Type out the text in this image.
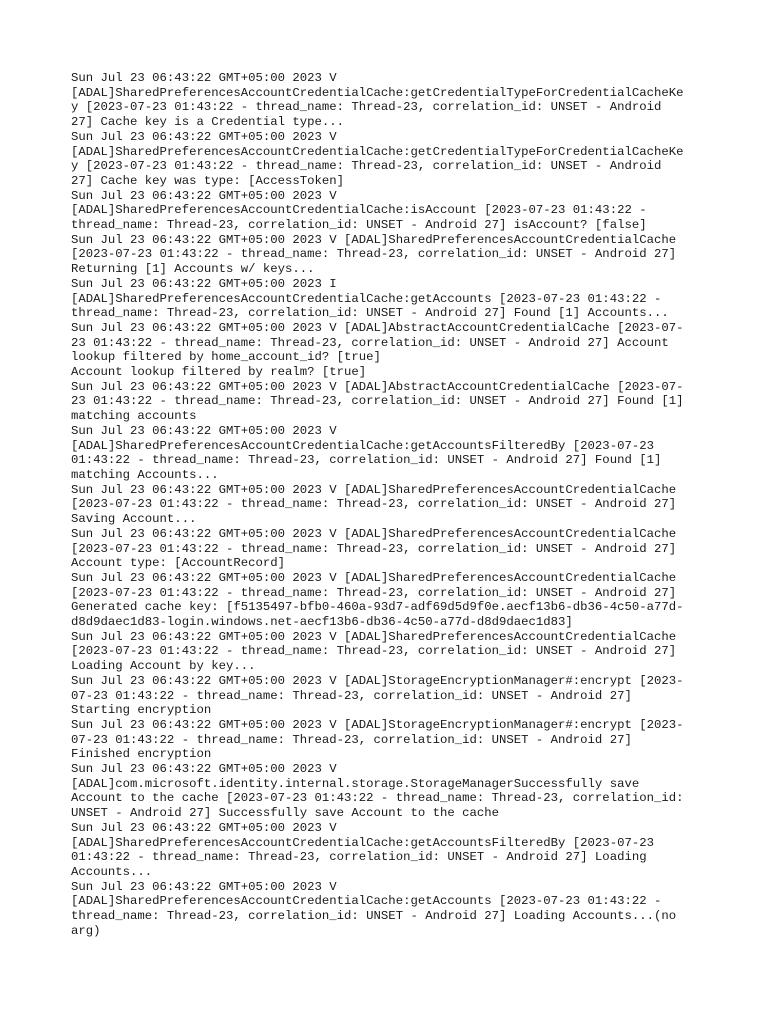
Sun Jul 23 06:43:22 GMT+05:00 2023 V
[ADAL]SharedPreferencesAccountCredentialCache:getCredentialTypeForCredentialCacheKe
y [2023-07-23 01:43:22 - thread_name: Thread-23, correlation_id: UNSET - Android
27] Cache key is a Credential type...
Sun Jul 23 06:43:22 GMT+05:00 2023 V
[ADAL]SharedPreferencesAccountCredentialCache:getCredentialTypeForCredentialCacheKe
y [2023-07-23 01:43:22 - thread_name: Thread-23, correlation_id: UNSET - Android
27] Cache key was type: [AccessToken]
Sun Jul 23 06:43:22 GMT+05:00 2023 V
[ADAL]SharedPreferencesAccountCredentialCache:isAccount [2023-07-23 01:43:22 -
thread_name: Thread-23, correlation_id: UNSET - Android 27] isAccount? [false]
Sun Jul 23 06:43:22 GMT+05:00 2023 V [ADAL]SharedPreferencesAccountCredentialCache
[2023-07-23 01:43:22 - thread_name: Thread-23, correlation_id: UNSET - Android 27]
Returning [1] Accounts w/ keys...
Sun Jul 23 06:43:22 GMT+05:00 2023 I
[ADAL]SharedPreferencesAccountCredentialCache:getAccounts [2023-07-23 01:43:22 -
thread_name: Thread-23, correlation_id: UNSET - Android 27] Found [1] Accounts...
Sun Jul 23 06:43:22 GMT+05:00 2023 V [ADAL]AbstractAccountCredentialCache [2023-07-
23 01:43:22 - thread_name: Thread-23, correlation_id: UNSET - Android 27] Account
lookup filtered by home_account_id? [true]
Account lookup filtered by realm? [true]
Sun Jul 23 06:43:22 GMT+05:00 2023 V [ADAL]AbstractAccountCredentialCache [2023-07-
23 01:43:22 - thread_name: Thread-23, correlation_id: UNSET - Android 27] Found [1]
matching accounts
Sun Jul 23 06:43:22 GMT+05:00 2023 V
[ADAL]SharedPreferencesAccountCredentialCache:getAccountsFilteredBy [2023-07-23
01:43:22 - thread_name: Thread-23, correlation_id: UNSET - Android 27] Found [1]
matching Accounts...
Sun Jul 23 06:43:22 GMT+05:00 2023 V [ADAL]SharedPreferencesAccountCredentialCache
[2023-07-23 01:43:22 - thread_name: Thread-23, correlation_id: UNSET - Android 27]
Saving Account...
Sun Jul 23 06:43:22 GMT+05:00 2023 V [ADAL]SharedPreferencesAccountCredentialCache
[2023-07-23 01:43:22 - thread_name: Thread-23, correlation_id: UNSET - Android 27]
Account type: [AccountRecord]
Sun Jul 23 06:43:22 GMT+05:00 2023 V [ADAL]SharedPreferencesAccountCredentialCache
[2023-07-23 01:43:22 - thread_name: Thread-23, correlation_id: UNSET - Android 27]
Generated cache key: [f5135497-bfb0-460a-93d7-adf69d5d9f0e.aecf13b6-db36-4c50-a77d-
d8d9daec1d83-login.windows.net-aecf13b6-db36-4c50-a77d-d8d9daec1d83]
Sun Jul 23 06:43:22 GMT+05:00 2023 V [ADAL]SharedPreferencesAccountCredentialCache
[2023-07-23 01:43:22 - thread_name: Thread-23, correlation_id: UNSET - Android 27]
Loading Account by key...
Sun Jul 23 06:43:22 GMT+05:00 2023 V [ADAL]StorageEncryptionManager#:encrypt [2023-
07-23 01:43:22 - thread_name: Thread-23, correlation_id: UNSET - Android 27]
Starting encryption
Sun Jul 23 06:43:22 GMT+05:00 2023 V [ADAL]StorageEncryptionManager#:encrypt [2023-
07-23 01:43:22 - thread_name: Thread-23, correlation_id: UNSET - Android 27]
Finished encryption
Sun Jul 23 06:43:22 GMT+05:00 2023 V
[ADAL]com.microsoft.identity.internal.storage.StorageManagerSuccessfully save
Account to the cache [2023-07-23 01:43:22 - thread_name: Thread-23, correlation_id:
UNSET - Android 27] Successfully save Account to the cache
Sun Jul 23 06:43:22 GMT+05:00 2023 V
[ADAL]SharedPreferencesAccountCredentialCache:getAccountsFilteredBy [2023-07-23
01:43:22 - thread_name: Thread-23, correlation_id: UNSET - Android 27] Loading
Accounts...
Sun Jul 23 06:43:22 GMT+05:00 2023 V
[ADAL]SharedPreferencesAccountCredentialCache:getAccounts [2023-07-23 01:43:22 -
thread_name: Thread-23, correlation_id: UNSET - Android 27] Loading Accounts...(no
arg)
